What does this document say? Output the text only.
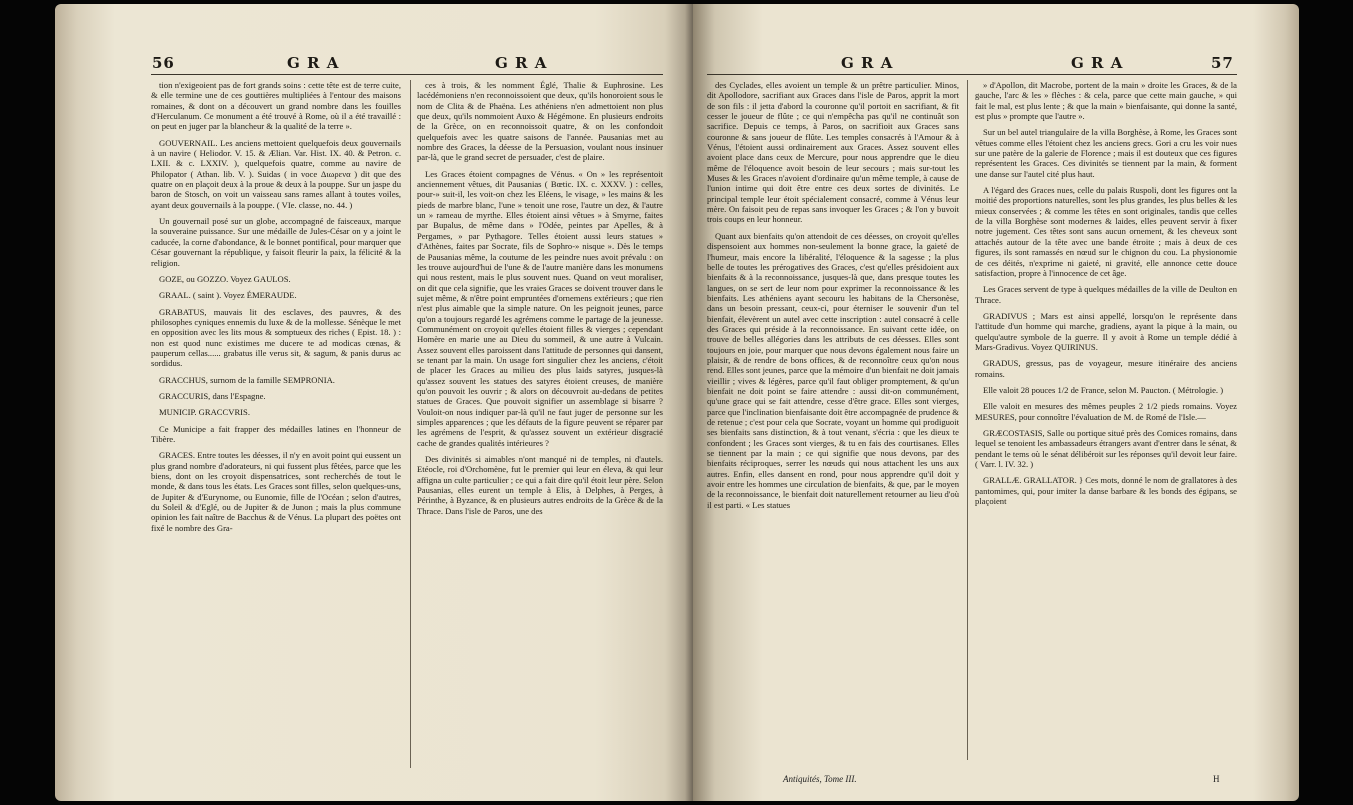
56	G R A	G R A

tion n'exigeoient pas de fort grands soins : cette tête est de terre cuite, & elle termine une de ces gouttières multipliées à l'entour des maisons romaines, & dont on a découvert un grand nombre dans les fouilles d'Herculanum. Ce monument a été trouvé à Rome, où il a été travaillé : on peut en juger par la blancheur & la qualité de la terre ».

GOUVERNAIL. Les anciens mettoient quelquefois deux gouvernails à un navire ( Heliodor. V. 15. & Ælian. Var. Hist. IX. 40. & Petron. c. LXII. & c. LXXIV. ), quelquefois quatre, comme au navire de Philopator ( Athan. lib. V. ). Suidas ( in voce Διωρενα ) dit que des quatre on en plaçoit deux à la proue & deux à la pouppe. Sur un jaspe du baron de Stosch, on voit un vaisseau sans rames allant à toutes voiles, ayant deux gouvernails à la pouppe. ( VIe. classe, no. 44. )

Un gouvernail posé sur un globe, accompagné de faisceaux, marque la souveraine puissance. Sur une médaille de Jules-César on y a joint le caducée, la corne d'abondance, & le bonnet pontifical, pour marquer que César gouvernant la république, y faisoit fleurir la paix, la félicité & la religion.

GOZE, ou GOZZO. Voyez GAULOS.

GRAAL. ( saint ). Voyez ÉMERAUDE.

GRABATUS, mauvais lit des esclaves, des pauvres, & des philosophes cyniques ennemis du luxe & de la mollesse. Sénèque le met en opposition avec les lits mous & somptueux des riches ( Epist. 18. ) : non est quod nunc existimes me ducere te ad modicas cœnas, & pauperum cellas...... grabatus ille verus sit, & sagum, & panis durus ac sordidus.

GRACCHUS, surnom de la famille SEMPRONIA.

GRACCURIS, dans l'Espagne.

MUNICIP. GRACCVRIS.

Ce Municipe a fait frapper des médailles latines en l'honneur de Tibère.

GRACES. Entre toutes les déesses, il n'y en avoit point qui eussent un plus grand nombre d'adorateurs, ni qui fussent plus fêtées, parce que les biens, dont on les croyoit dispensatrices, sont recherchés de tout le monde, & dans tous les états. Les Graces sont filles, selon quelques-uns, de Jupiter & d'Eurynome, ou Eunomie, fille de l'Océan ; selon d'autres, du Soleil & d'Eglé, ou de Jupiter & de Junon ; mais la plus commune opinion les fait naître de Bacchus & de Vénus. La plupart des poëtes ont fixé le nombre des Gra-

ces à trois, & les nomment Églé, Thalie & Euphrosine. Les lacédémoniens n'en reconnoissoient que deux, qu'ils honoroient sous le nom de Clita & de Phaëna. Les athéniens n'en admettoient non plus que deux, qu'ils nommoient Auxo & Hégémone. En plusieurs endroits de la Grèce, on en reconnoissoit quatre, & on les confondoit quelquefois avec les quatre saisons de l'année. Pausanias met au nombre des Graces, la déesse de la Persuasion, voulant nous insinuer par-là, que le grand secret de persuader, c'est de plaire.

Les Graces étoient compagnes de Vénus. « On » les représentoit anciennement vêtues, dit Pausanias ( Bœtic. IX. c. XXXV. ) : celles, pour-» suit-il, les voit-on chez les Eléens, le visage, » les mains & les pieds de marbre blanc, l'une » tenoit une rose, l'autre un dez, & l'autre un » rameau de myrthe. Elles étoient ainsi vêtues » à Smyrne, faites par Bupalus, de même dans » l'Odée, peintes par Apelles, & à Pergames, » par Pythagore. Telles étoient aussi leurs statues » d'Athènes, faites par Socrate, fils de Sophro-» nisque ». Dès le temps de Pausanias même, la coutume de les peindre nues avoit prévalu : on les trouve aujourd'hui de l'une & de l'autre manière dans les monumens qui nous restent, mais le plus souvent nues. Quand on veut moraliser, on dit que cela signifie, que les vraies Graces se doivent trouver dans le sujet même, & n'être point empruntées d'ornemens extérieurs ; que rien n'est plus aimable que la simple nature. On les peignoit jeunes, parce qu'on a toujours regardé les agrémens comme le partage de la jeunesse. Communément on croyoit qu'elles étoient filles & vierges ; cependant Homère en marie une au Dieu du sommeil, & une autre à Vulcain. Assez souvent elles paroissent dans l'attitude de personnes qui dansent, se tenant par la main. Un usage fort singulier chez les anciens, c'étoit de placer les Graces au milieu des plus laids satyres, jusques-là qu'assez souvent les statues des satyres étoient creuses, de manière qu'on pouvoit les ouvrir ; & alors on découvroit au-dedans de petites statues de Graces. Que pouvoit signifier un assemblage si bisarre ? Vouloit-on nous indiquer par-là qu'il ne faut juger de personne sur les simples apparences ; que les défauts de la figure peuvent se réparer par les agrémens de l'esprit, & qu'assez souvent un extérieur disgracié cache de grandes qualités intérieures ?

Des divinités si aimables n'ont manqué ni de temples, ni d'autels. Etéocle, roi d'Orchomène, fut le premier qui leur en éleva, & qui leur affigna un culte particulier ; ce qui a fait dire qu'il étoit leur père. Selon Pausanias, elles eurent un temple à Elis, à Delphes, à Perges, à Périnthe, à Byzance, & en plusieurs autres endroits de la Grèce & de la Thrace. Dans l'isle de Paros, une des

G R A	G R A	57

des Cyclades, elles avoient un temple & un prêtre particulier. Minos, dit Apollodore, sacrifiant aux Graces dans l'isle de Paros, apprit la mort de son fils : il jetta d'abord la couronne qu'il portoit en sacrifiant, & fit cesser le joueur de flûte ; ce qui n'empêcha pas qu'il ne continuât son sacrifice. Depuis ce temps, à Paros, on sacrifioit aux Graces sans couronne & sans joueur de flûte. Les temples consacrés à l'Amour & à Vénus, l'étoient aussi ordinairement aux Graces. Assez souvent elles avoient place dans ceux de Mercure, pour nous apprendre que le dieu même de l'éloquence avoit besoin de leur secours ; mais sur-tout les Muses & les Graces n'avoient d'ordinaire qu'un même temple, à cause de l'union intime qui doit être entre ces deux sortes de divinités. Le principal temple leur étoit spécialement consacré, comme à Vénus leur mère. On faisoit peu de repas sans invoquer les Graces ; & l'on y buvoit trois coups en leur honneur.

Quant aux bienfaits qu'on attendoit de ces déesses, on croyoit qu'elles dispensoient aux hommes non-seulement la bonne grace, la gaieté de l'humeur, mais encore la libéralité, l'éloquence & la sagesse ; la plus belle de toutes les prérogatives des Graces, c'est qu'elles présidoient aux bienfaits & à la reconnoissance, jusques-là que, dans presque toutes les langues, on se sert de leur nom pour exprimer la reconnoissance & les bienfaits. Les athéniens ayant secouru les habitans de la Chersonèse, dans un besoin pressant, ceux-ci, pour éterniser le souvenir d'un tel bienfait, élevèrent un autel avec cette inscription : autel consacré à celle des Graces qui préside à la reconnoissance. En suivant cette idée, on trouve de belles allégories dans les attributs de ces déesses. Elles sont toujours en joie, pour marquer que nous devons également nous faire un plaisir, & de rendre de bons offices, & de reconnoître ceux qu'on nous rend. Elles sont jeunes, parce que la mémoire d'un bienfait ne doit jamais vieillir ; vives & légères, parce qu'il faut obliger promptement, & qu'un bienfait ne doit point se faire attendre : aussi dit-on communément, qu'une grace qui se fait attendre, cesse d'être grace. Elles sont vierges, parce que l'inclination bienfaisante doit être accompagnée de prudence & de retenue ; c'est pour cela que Socrate, voyant un homme qui prodiguoit ses bienfaits sans distinction, & à tout venant, s'écria : que les dieux te confondent ; les Graces sont vierges, & tu en fais des courtisanes. Elles se tiennent par la main ; ce qui signifie que nous devons, par des bienfaits réciproques, serrer les nœuds qui nous attachent les uns aux autres. Enfin, elles dansent en rond, pour nous apprendre qu'il doit y avoir entre les hommes une circulation de bienfaits, & que, par le moyen de la reconnoissance, le bienfait doit naturellement retourner au lieu d'où il est parti. « Les statues

» d'Apollon, dit Macrobe, portent de la main » droite les Graces, & de la gauche, l'arc & les » flèches : & cela, parce que cette main gauche, » qui fait le mal, est plus lente ; & que la main » bienfaisante, qui donne la santé, est plus » prompte que l'autre ».

Sur un bel autel triangulaire de la villa Borghèse, à Rome, les Graces sont vêtues comme elles l'étoient chez les anciens grecs. Gori a cru les voir nues sur une patère de la galerie de Florence ; mais il est douteux que ces figures représentent les Graces. Ces divinités se tiennent par la main, & forment une danse sur l'autel cité plus haut.

A l'égard des Graces nues, celle du palais Ruspoli, dont les figures ont la moitié des proportions naturelles, sont les plus grandes, les plus belles & les mieux conservées ; & comme les têtes en sont originales, tandis que celles de la villa Borghèse sont modernes & laides, elles peuvent servir à fixer notre jugement. Ces têtes sont sans aucun ornement, & les cheveux sont attachés autour de la tête avec une bande étroite ; mais à deux de ces figures, ils sont ramassés en nœud sur le chignon du cou. La physionomie de ces déités, n'exprime ni gaieté, ni gravité, elle annonce cette douce satisfaction, propre à l'innocence de cet âge.

Les Graces servent de type à quelques médailles de la ville de Deulton en Thrace.

GRADIVUS ; Mars est ainsi appellé, lorsqu'on le représente dans l'attitude d'un homme qui marche, gradiens, ayant la pique à la main, ou quelqu'autre symbole de la guerre. Il y avoit à Rome un temple dédié à Mars-Gradivus. Voyez QUIRINUS.

GRADUS, gressus, pas de voyageur, mesure itinéraire des anciens romains.

Elle valoit 28 pouces 1/2 de France, selon M. Paucton. ( Métrologie. )

Elle valoit en mesures des mêmes peuples 2 1/2 pieds romains. Voyez MESURES, pour connoître l'évaluation de M. de Romé de l'Isle.—

GRÆCOSTASIS, Salle ou portique situé près des Comices romains, dans lequel se tenoient les ambassadeurs étrangers avant d'entrer dans le sénat, & pendant le tems où le sénat délibéroit sur les réponses qu'il devoit leur faire. ( Varr. l. IV. 32. )

GRALLÆ. GRALLATOR. } Ces mots, donné le nom de grallatores à des pantomimes, qui, pour imiter la danse barbare & les bonds des égipans, se plaçoient

Antiquités, Tome III.	H
